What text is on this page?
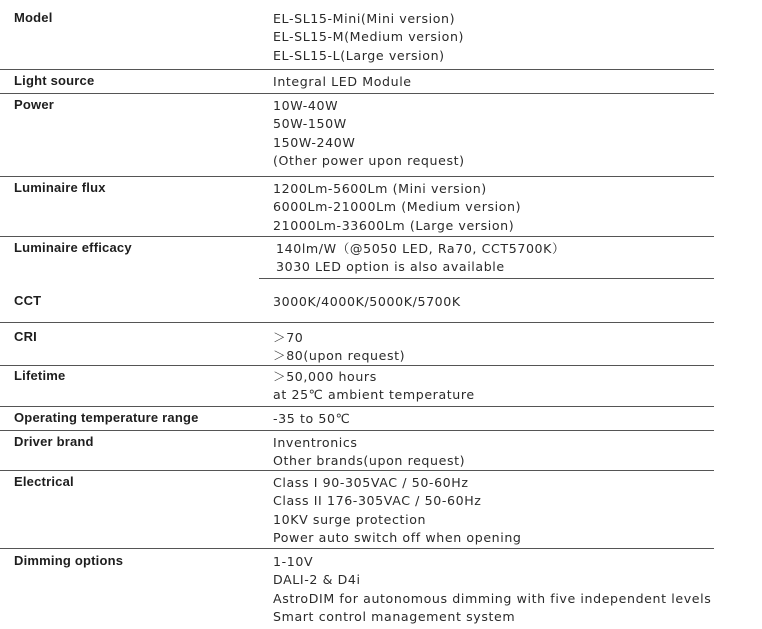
Model	EL-SL15-Mini(Mini version)
EL-SL15-M(Medium version)
EL-SL15-L(Large version)
Light source	Integral LED Module
Power	10W-40W
50W-150W
150W-240W
(Other power upon request)
Luminaire flux	1200Lm-5600Lm (Mini version)
6000Lm-21000Lm (Medium version)
21000Lm-33600Lm (Large version)
Luminaire efficacy	140lm/W（@5050 LED, Ra70, CCT5700K）
3030 LED option is also available
CCT	3000K/4000K/5000K/5700K
CRI	＞70
＞80(upon request)
Lifetime	＞50,000 hours
at 25℃ ambient temperature
Operating temperature range	-35 to 50℃
Driver brand	Inventronics
Other brands(upon request)
Electrical	Class I 90-305VAC / 50-60Hz
Class II 176-305VAC / 50-60Hz
10KV surge protection
Power auto switch off when opening
Dimming options	1-10V
DALI-2 & D4i
AstroDIM for autonomous dimming with five independent levels
Smart control management system
